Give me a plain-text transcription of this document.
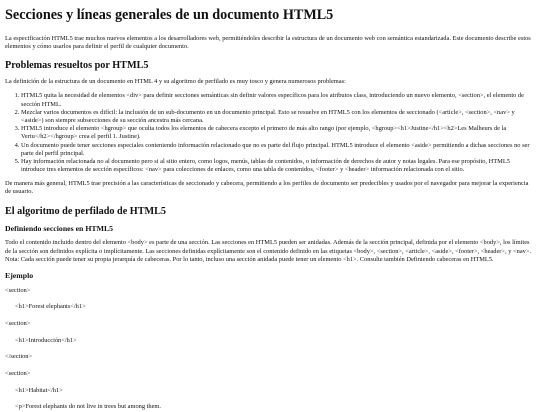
Secciones y líneas generales de un documento HTML5

La especificación HTML5 trae muchos nuevos elementos a los desarrolladores web, permitiéndoles describir la estructura de un documento web con semántica estandarizada. Este documento describe estos elementos y cómo usarlos para definir el perfil de cualquier documento.

Problemas resueltos por HTML5

La definición de la estructura de un documento en HTML 4 y su algoritmo de perfilado es muy tosco y genera numerosos problemas:

1. HTML5 quita la necesidad de elementos <div> para definir secciones semánticas sin definir valores específicos para los atributos class, introduciendo un nuevo elemento, <section>, el elemento de sección HTML.
2. Mezclar varios documentos es difícil: la inclusión de un sub-documento en un documento principal. Esto se resuelve en HTML5 con los elementos de seccionado (<article>, <section>, <nav> y <aside>) son siempre subsecciones de su sección ancestra más cercana.
3. HTML5 introduce el elemento <hgroup> que oculta todos los elementos de cabecera excepto el primero de más alto rango (por ejemplo, <hgroup><h1>Justine</h1><h2>Les Malheurs de la Vertu</h2></hgroup> crea el perfil 1. Justine).
4. Un documento puede tener secciones especiales conteniendo información relacionado que no es parte del flujo principal. HTML5 introduce el elemento <aside> permitiendo a dichas secciones no ser parte del perfil principal.
5. Hay información relacionada no al documento pero si al sitio entero, como logos, menús, tablas de contenidos, o información de derechos de autor y notas legales. Para ese propósito, HTML5 introduce tres elementos de sección específicos: <nav> para colecciones de enlaces, como una tabla de contenidos, <footer> y <header> información relacionada con el sitio.

De manera más general, HTML5 trae precisión a las características de seccionado y cabecera, permitiendo a los perfiles de documento ser predecibles y usados por el navegador para mejorar la experiencia de usuario.

El algoritmo de perfilado de HTML5
Definiendo secciones en HTML5

Todo el contenido incluido dentro del elemento <body> es parte de una sección. Las secciones en HTML5 pueden ser anidadas. Además de la sección principal, definida por el elemento <body>, los límites de la sección son definidos explícita o implícitamente. Las secciones definidas explícitamente son el contenido definido en las etiquetas <body>, <section>, <article>, <aside>, <footer>, <header>, y <nav>. Nota: Cada sección puede tener su propia jerarquía de cabeceras. Por lo tanto, incluso una sección anidada puede tener un elemento <h1>. Consulte también Definiendo cabeceras en HTML5.

Ejemplo
<section>
<h1>Forest elephants</h1>
<section>
<h1>Introducción</h1>
</section>
<section>
<h1>Habitat</h1>
<p>Forest elephants do not live in trees but among them.
